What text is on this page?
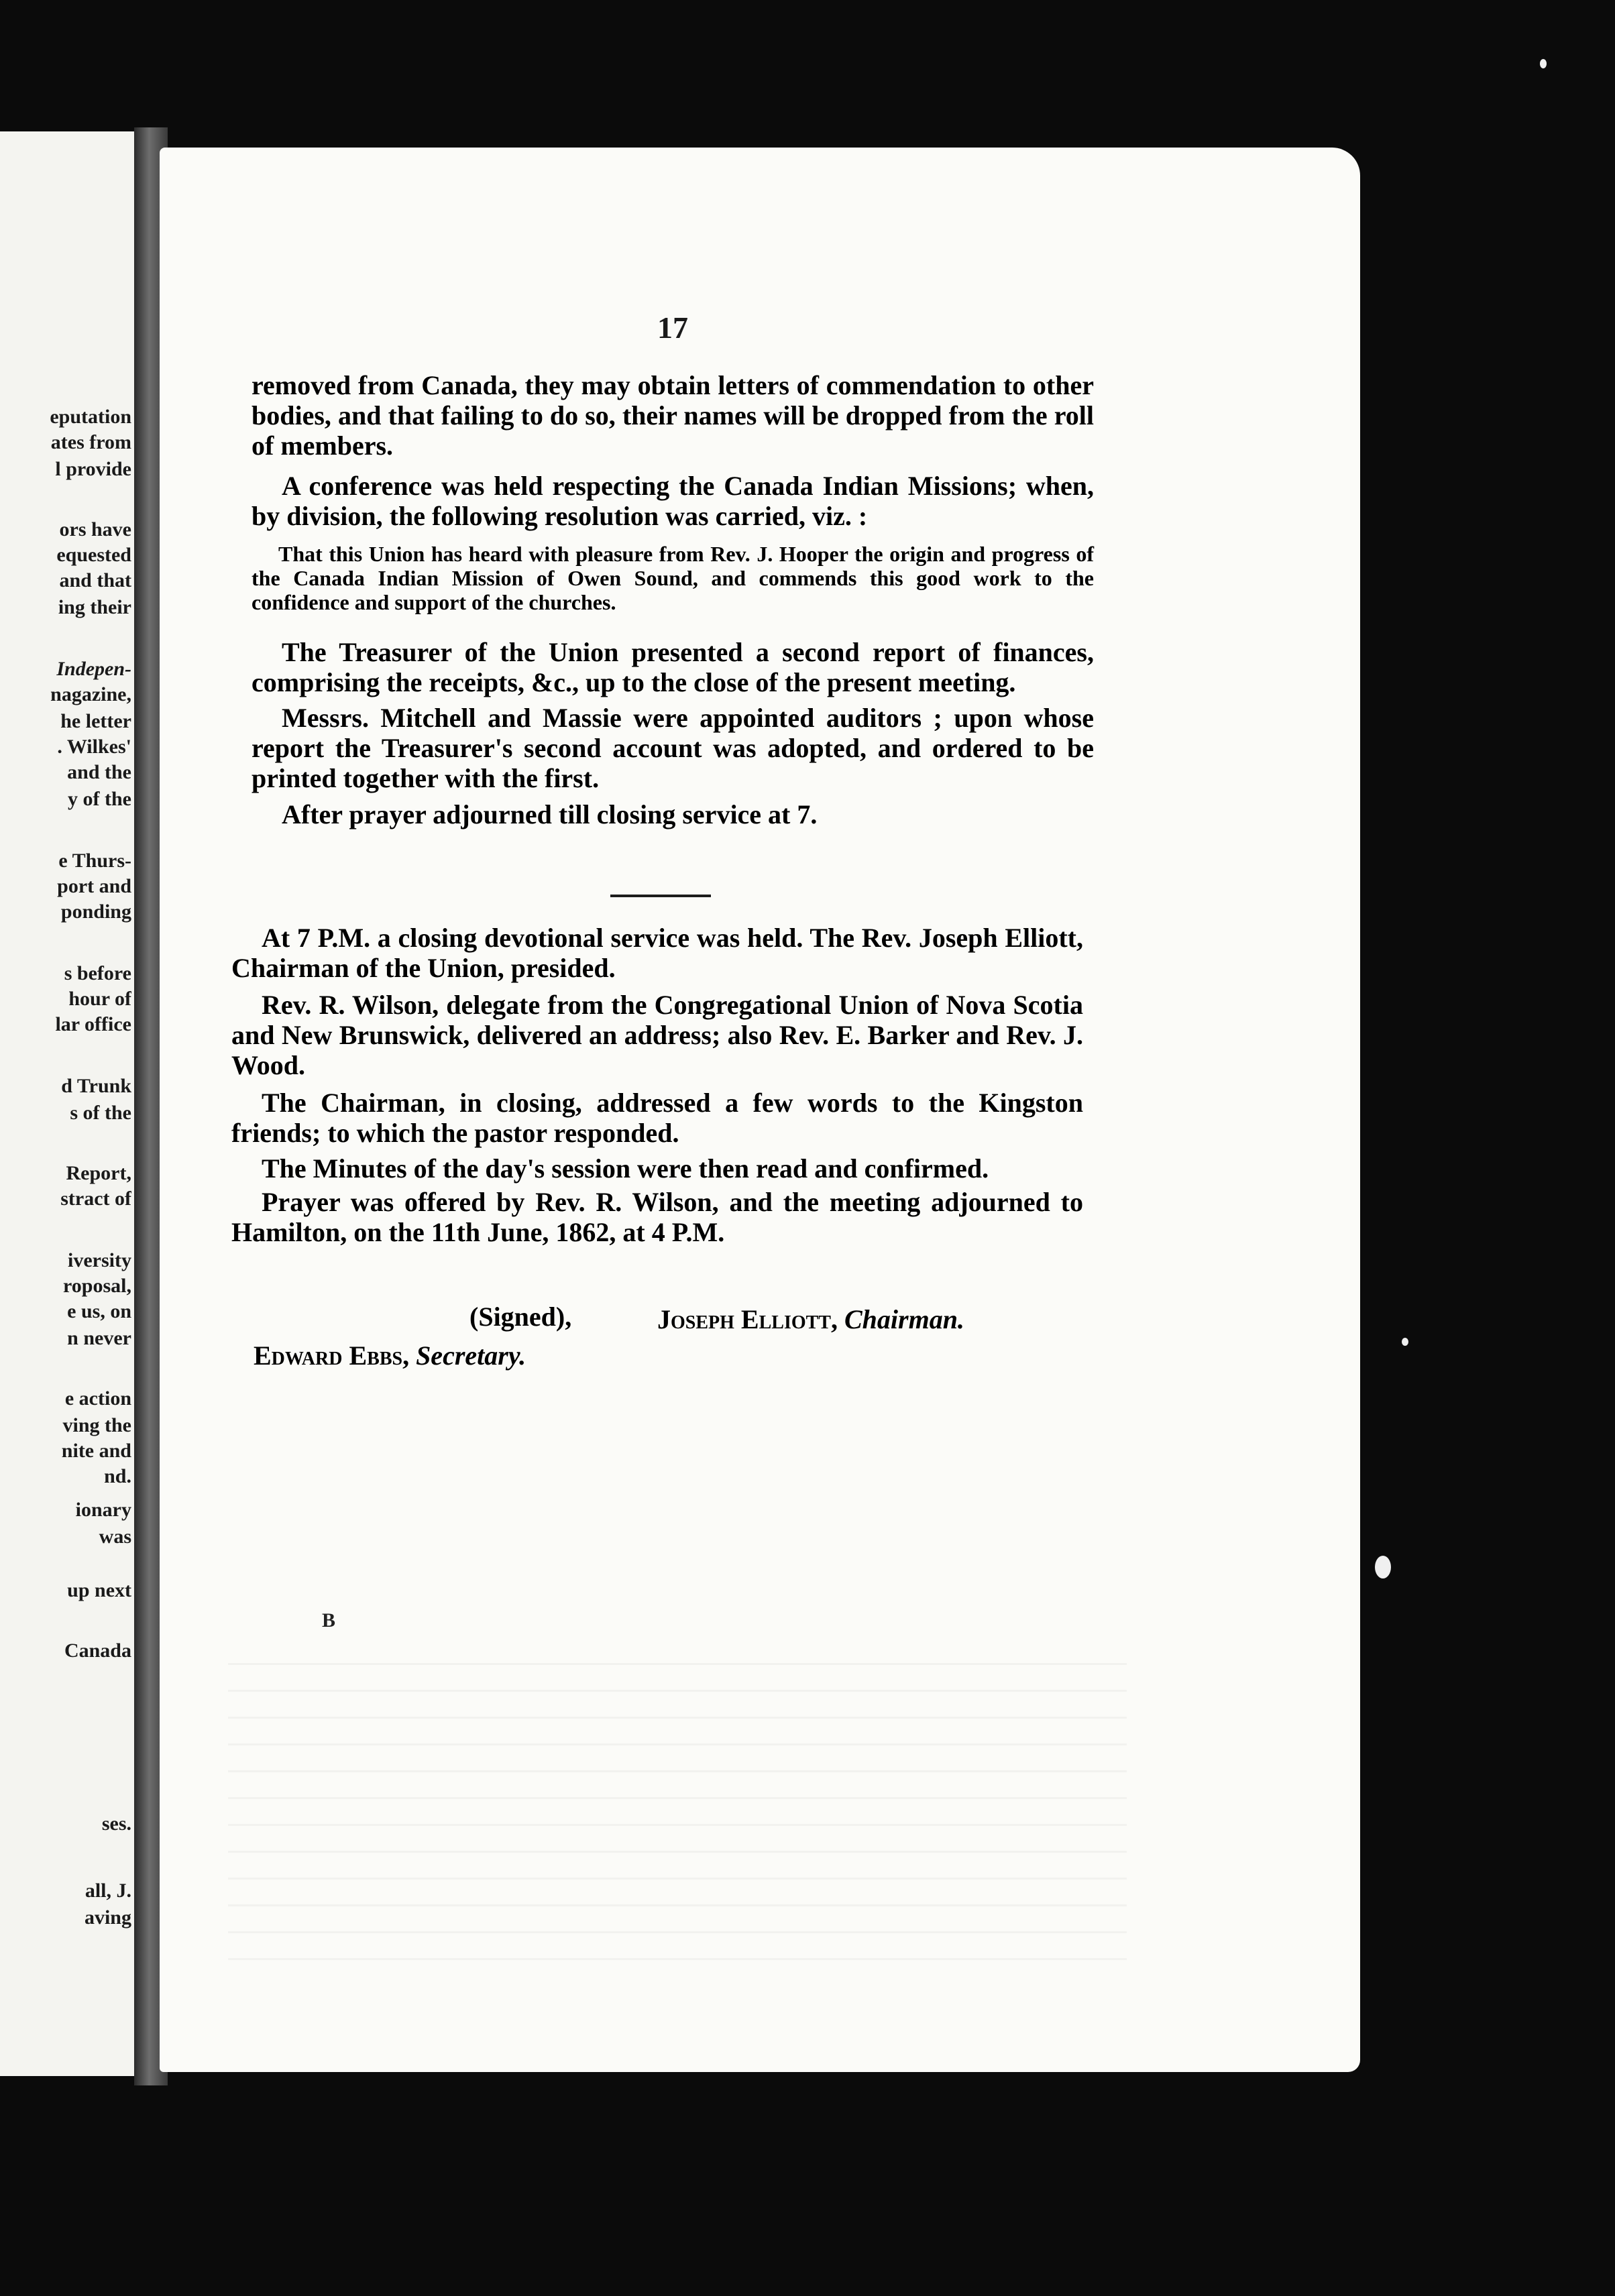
eputation
ates from
l provide
ors have
equested
and that
ing their
Indepen-
nagazine,
he letter
. Wilkes'
and the
y of the
e Thurs-
port and
ponding
s before
hour of
lar office
d Trunk
s of the
Report,
stract of
iversity
roposal,
e us, on
n never
e action
ving the
nite and
nd.
ionary
was
up next
Canada
ses.
all, J.
aving
17
removed from Canada, they may obtain letters of commendation to other bodies, and that failing to do so, their names will be dropped from the roll of members.
A conference was held respecting the Canada Indian Missions; when, by division, the following resolution was carried, viz. :
That this Union has heard with pleasure from Rev. J. Hooper the origin and progress of the Canada Indian Mission of Owen Sound, and commends this good work to the confidence and support of the churches.
The Treasurer of the Union presented a second report of finances, comprising the receipts, &c., up to the close of the present meeting.
Messrs. Mitchell and Massie were appointed auditors ; upon whose report the Treasurer's second account was adopted, and ordered to be printed together with the first.
After prayer adjourned till closing service at 7.
At 7 P.M. a closing devotional service was held. The Rev. Joseph Elliott, Chairman of the Union, presided.
Rev. R. Wilson, delegate from the Congregational Union of Nova Scotia and New Brunswick, delivered an address; also Rev. E. Barker and Rev. J. Wood.
The Chairman, in closing, addressed a few words to the Kingston friends; to which the pastor responded.
The Minutes of the day's session were then read and confirmed.
Prayer was offered by Rev. R. Wilson, and the meeting adjourned to Hamilton, on the 11th June, 1862, at 4 P.M.
(Signed),	Joseph Elliott, Chairman.
Edward Ebbs, Secretary.
B
